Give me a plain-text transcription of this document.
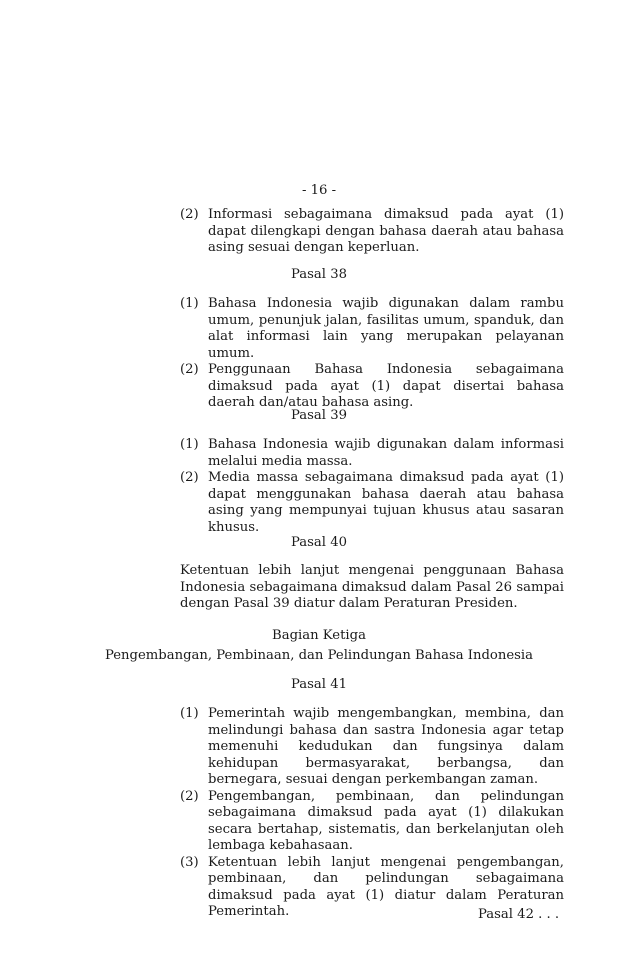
- 16 -
(2) Informasi sebagaimana dimaksud pada ayat (1) dapat dilengkapi dengan bahasa daerah atau bahasa asing sesuai dengan keperluan.
Pasal 38
(1) Bahasa Indonesia wajib digunakan dalam rambu umum, penunjuk jalan, fasilitas umum, spanduk, dan alat informasi lain yang merupakan pelayanan umum.
(2) Penggunaan Bahasa Indonesia sebagaimana dimaksud pada ayat (1) dapat disertai bahasa daerah dan/atau bahasa asing.
Pasal 39
(1) Bahasa Indonesia wajib digunakan dalam informasi melalui media massa.
(2) Media massa sebagaimana dimaksud pada ayat (1) dapat menggunakan bahasa daerah atau bahasa asing yang mempunyai tujuan khusus atau sasaran khusus.
Pasal 40
Ketentuan lebih lanjut mengenai penggunaan Bahasa Indonesia sebagaimana dimaksud dalam Pasal 26 sampai dengan Pasal 39 diatur dalam Peraturan Presiden.
Bagian Ketiga
Pengembangan, Pembinaan, dan Pelindungan Bahasa Indonesia
Pasal 41
(1) Pemerintah wajib mengembangkan, membina, dan melindungi bahasa dan sastra Indonesia agar tetap memenuhi kedudukan dan fungsinya dalam kehidupan bermasyarakat, berbangsa, dan bernegara, sesuai dengan perkembangan zaman.
(2) Pengembangan, pembinaan, dan pelindungan sebagaimana dimaksud pada ayat (1) dilakukan secara bertahap, sistematis, dan berkelanjutan oleh lembaga kebahasaan.
(3) Ketentuan lebih lanjut mengenai pengembangan, pembinaan, dan pelindungan sebagaimana dimaksud pada ayat (1) diatur dalam Peraturan Pemerintah.	Pasal 42 . . .
